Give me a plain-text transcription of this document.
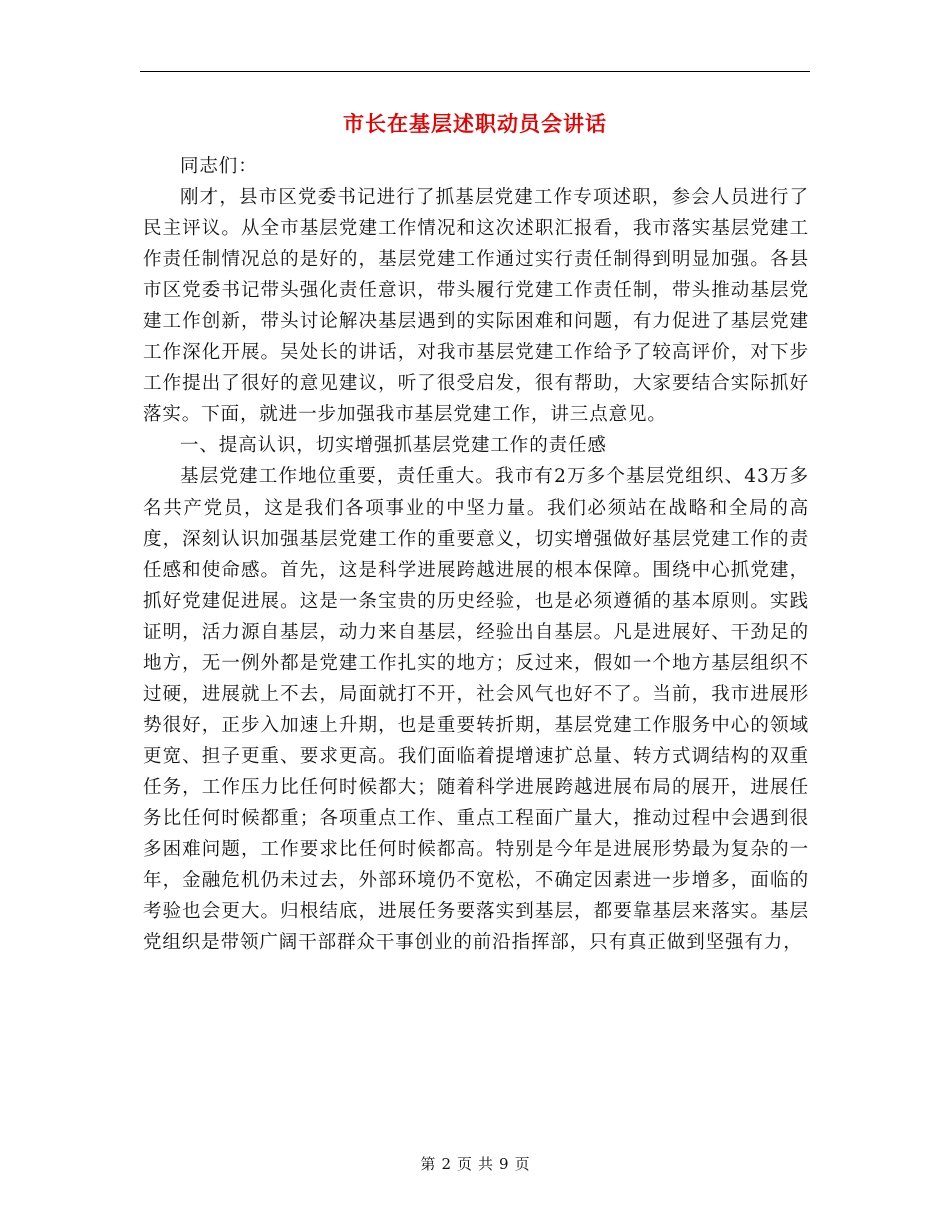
市长在基层述职动员会讲话

同志们：

刚才，县市区党委书记进行了抓基层党建工作专项述职，参会人员进行了民主评议。从全市基层党建工作情况和这次述职汇报看，我市落实基层党建工作责任制情况总的是好的，基层党建工作通过实行责任制得到明显加强。各县市区党委书记带头强化责任意识，带头履行党建工作责任制，带头推动基层党建工作创新，带头讨论解决基层遇到的实际困难和问题，有力促进了基层党建工作深化开展。吴处长的讲话，对我市基层党建工作给予了较高评价，对下步工作提出了很好的意见建议，听了很受启发，很有帮助，大家要结合实际抓好落实。下面，就进一步加强我市基层党建工作，讲三点意见。

一、提高认识，切实增强抓基层党建工作的责任感

基层党建工作地位重要，责任重大。我市有2万多个基层党组织、43万多名共产党员，这是我们各项事业的中坚力量。我们必须站在战略和全局的高度，深刻认识加强基层党建工作的重要意义，切实增强做好基层党建工作的责任感和使命感。首先，这是科学进展跨越进展的根本保障。围绕中心抓党建，抓好党建促进展。这是一条宝贵的历史经验，也是必须遵循的基本原则。实践证明，活力源自基层，动力来自基层，经验出自基层。凡是进展好、干劲足的地方，无一例外都是党建工作扎实的地方；反过来，假如一个地方基层组织不过硬，进展就上不去，局面就打不开，社会风气也好不了。当前，我市进展形势很好，正步入加速上升期，也是重要转折期，基层党建工作服务中心的领域更宽、担子更重、要求更高。我们面临着提增速扩总量、转方式调结构的双重任务，工作压力比任何时候都大；随着科学进展跨越进展布局的展开，进展任务比任何时候都重；各项重点工作、重点工程面广量大，推动过程中会遇到很多困难问题，工作要求比任何时候都高。特别是今年是进展形势最为复杂的一年，金融危机仍未过去，外部环境仍不宽松，不确定因素进一步增多，面临的考验也会更大。归根结底，进展任务要落实到基层，都要靠基层来落实。基层党组织是带领广阔干部群众干事创业的前沿指挥部，只有真正做到坚强有力，

第 2 页 共 9 页
